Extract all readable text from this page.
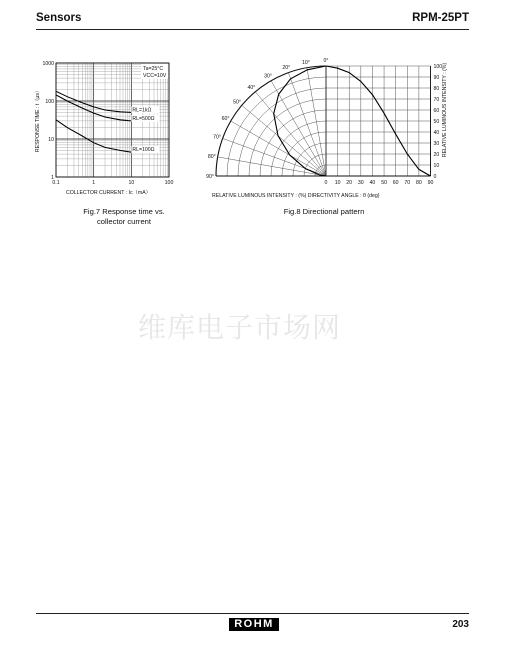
Sensors	RPM-25PT
0.1	1	10	100
1
10
100
1000
Ta=25°C
VCC=10V
COLLECTOR CURRENT : Ic（mA）
RESPONSE TIME : t（μs）	RL=1kΩ
RL=500Ω
RL=100Ω
0°
10°
20°
30°
40°
50°
60°
70°
80°
90°
0 10 20 30 40 50 60 70 80 90
0
10
20
30
40
50
60
70
80
90
100
RELATIVE LUMINOUS INTENSITY : (%) DIRECTIVITY ANGLE : θ (deg)
RELATIVE LUMINOUS INTENSITY : (%)
Fig.7 Response time vs.
collector current
Fig.8 Directional pattern
维库电子市场网
ROHM	203
